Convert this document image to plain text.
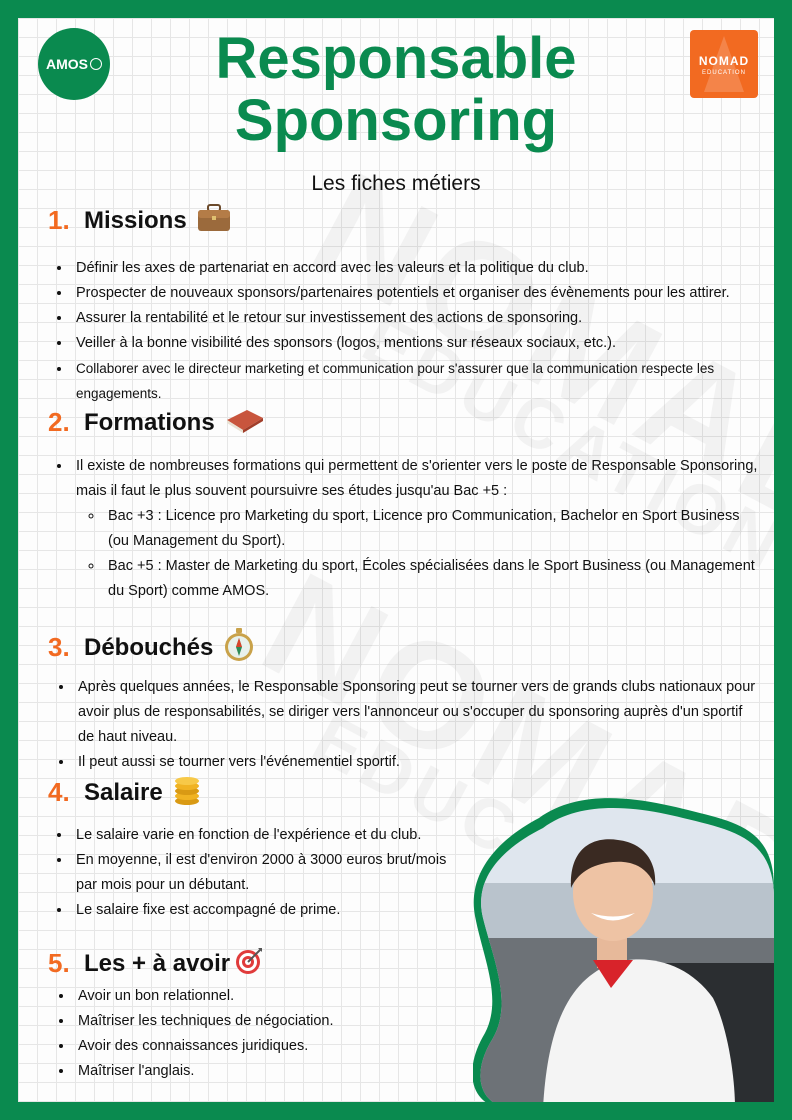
AMOS	NOMAD
EDUCATION
Responsable
Sponsoring

Les fiches métiers

1. Missions
• Définir les axes de partenariat en accord avec les valeurs et la politique du club.
• Prospecter de nouveaux sponsors/partenaires potentiels et organiser des évènements pour les attirer.
• Assurer la rentabilité et le retour sur investissement des actions de sponsoring.
• Veiller à la bonne visibilité des sponsors (logos, mentions sur réseaux sociaux, etc.).
• Collaborer avec le directeur marketing et communication pour s'assurer que la communication respecte les engagements.
2. Formations
• Il existe de nombreuses formations qui permettent de s'orienter vers le poste de Responsable Sponsoring, mais il faut le plus souvent poursuivre ses études jusqu'au Bac +5 :
◦ Bac +3 : Licence pro Marketing du sport, Licence pro Communication, Bachelor en Sport Business (ou Management du Sport).
◦ Bac +5 : Master de Marketing du sport, Écoles spécialisées dans le Sport Business (ou Management du Sport) comme AMOS.
3. Débouchés
• Après quelques années, le Responsable Sponsoring peut se tourner vers de grands clubs nationaux pour avoir plus de responsabilités, se diriger vers l'annonceur ou s'occuper du sponsoring auprès d'un sportif de haut niveau.
• Il peut aussi se tourner vers l'événementiel sportif.
4. Salaire
• Le salaire varie en fonction de l'expérience et du club.
• En moyenne, il est d'environ 2000 à 3000 euros brut/mois par mois pour un débutant.
• Le salaire fixe est accompagné de prime.
5. Les + à avoir
• Avoir un bon relationnel.
• Maîtriser les techniques de négociation.
• Avoir des connaissances juridiques.
• Maîtriser l'anglais.
